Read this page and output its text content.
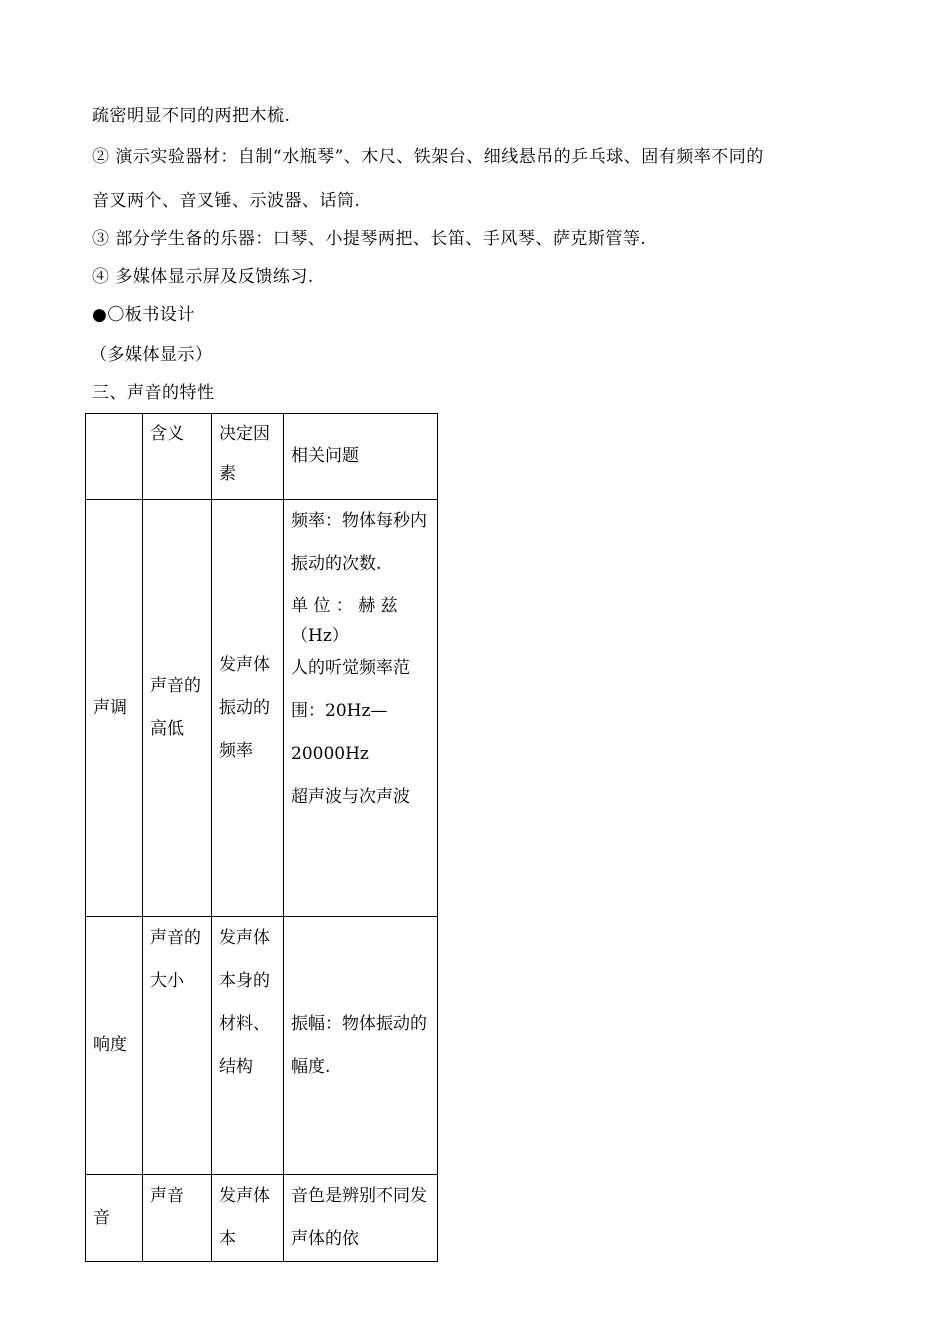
疏密明显不同的两把木梳.
② 演示实验器材：自制“水瓶琴”、木尺、铁架台、细线悬吊的乒乓球、固有频率不同的
音叉两个、音叉锤、示波器、话筒.
③ 部分学生备的乐器：口琴、小提琴两把、长笛、手风琴、萨克斯管等.
④ 多媒体显示屏及反馈练习.
●〇板书设计
（多媒体显示）
三、声音的特性
	含义	决定因素	相关问题
声调	声音的高低	发声体振动的频率	频率：物体每秒内振动的次数.
单 位 ： 赫 兹
（Hz）
人的听觉频率范围：20Hz—20000Hz
超声波与次声波

响度	声音的大小	发声体本身的材料、结构	振幅：物体振动的幅度.

音	声音	发声体本	音色是辨别不同发声体的依
